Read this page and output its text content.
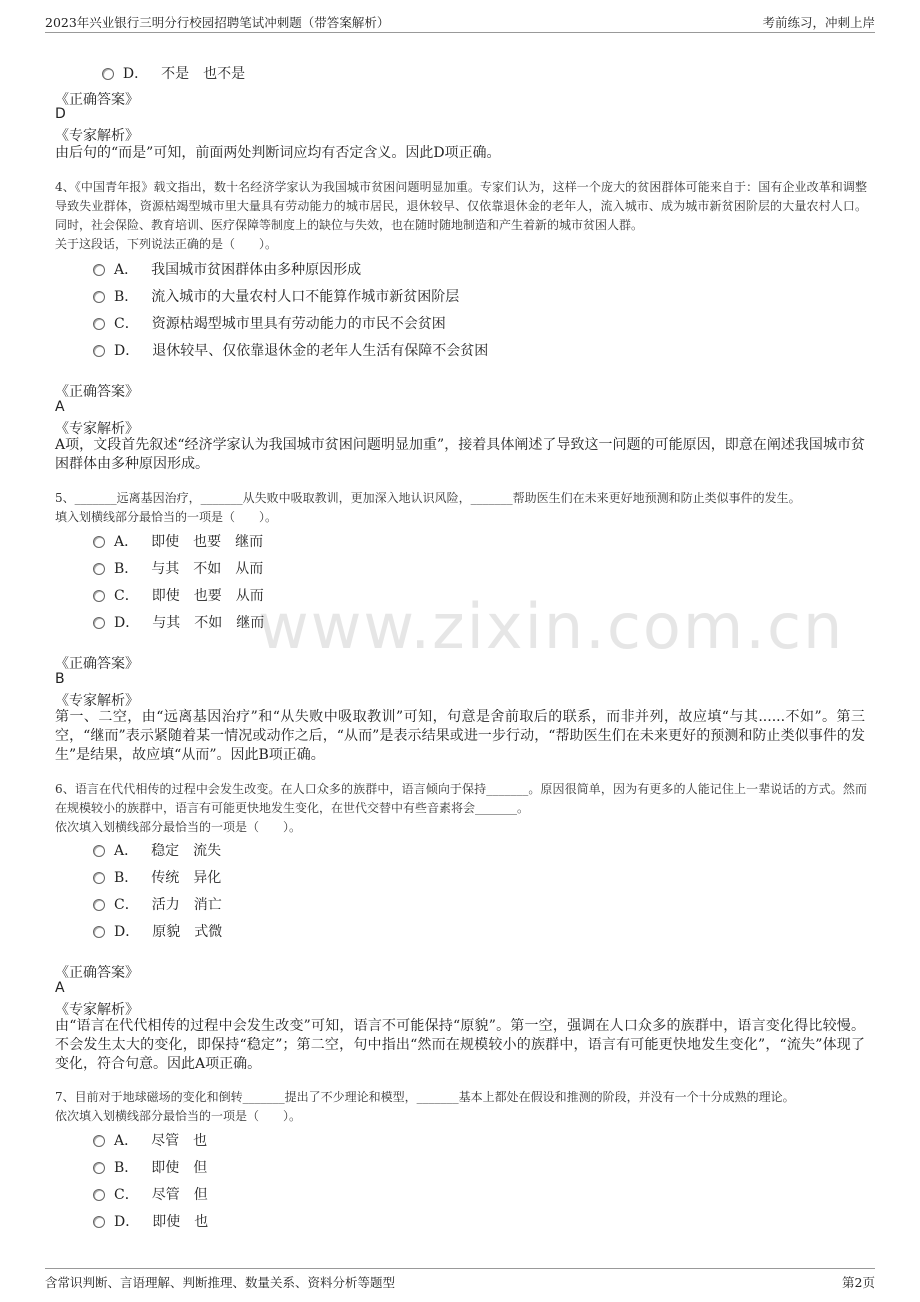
2023年兴业银行三明分行校园招聘笔试冲刺题（带答案解析）	考前练习，冲刺上岸
www.zixin.com.cn

D． 不是　也不是

《正确答案》
D
《专家解析》
由后句的“而是”可知，前面两处判断词应均有否定含义。因此D项正确。
4、《中国青年报》载文指出，数十名经济学家认为我国城市贫困问题明显加重。专家们认为，这样一个庞大的贫困群体可能来自于：国有企业改革和调整导致失业群体，资源枯竭型城市里大量具有劳动能力的城市居民，退休较早、仅依靠退休金的老年人，流入城市、成为城市新贫困阶层的大量农村人口。同时，社会保险、教育培训、医疗保障等制度上的缺位与失效，也在随时随地制造和产生着新的城市贫困人群。
关于这段话，下列说法正确的是（　　）。
A． 我国城市贫困群体由多种原因形成
B． 流入城市的大量农村人口不能算作城市新贫困阶层
C． 资源枯竭型城市里具有劳动能力的市民不会贫困
D． 退休较早、仅依靠退休金的老年人生活有保障不会贫困
《正确答案》
A
《专家解析》
A项，文段首先叙述“经济学家认为我国城市贫困问题明显加重”，接着具体阐述了导致这一问题的可能原因，即意在阐述我国城市贫困群体由多种原因形成。
5、_______远离基因治疗，_______从失败中吸取教训，更加深入地认识风险，_______帮助医生们在未来更好地预测和防止类似事件的发生。
填入划横线部分最恰当的一项是（　　）。
A． 即使　也要　继而
B． 与其　不如　从而
C． 即使　也要　从而
D． 与其　不如　继而
《正确答案》
B
《专家解析》
第一、二空，由“远离基因治疗”和“从失败中吸取教训”可知，句意是舍前取后的联系，而非并列，故应填“与其......不如”。第三空，“继而”表示紧随着某一情况或动作之后，“从而”是表示结果或进一步行动，“帮助医生们在未来更好的预测和防止类似事件的发生”是结果，故应填“从而”。因此B项正确。
6、语言在代代相传的过程中会发生改变。在人口众多的族群中，语言倾向于保持_______。原因很简单，因为有更多的人能记住上一辈说话的方式。然而在规模较小的族群中，语言有可能更快地发生变化，在世代交替中有些音素将会_______。
依次填入划横线部分最恰当的一项是（　　）。
A． 稳定　流失
B． 传统　异化
C． 活力　消亡
D． 原貌　式微
《正确答案》
A
《专家解析》
由“语言在代代相传的过程中会发生改变”可知，语言不可能保持“原貌”。第一空，强调在人口众多的族群中，语言变化得比较慢。不会发生太大的变化，即保持“稳定”；第二空，句中指出“然而在规模较小的族群中，语言有可能更快地发生变化”，“流失”体现了变化，符合句意。因此A项正确。
7、目前对于地球磁场的变化和倒转_______提出了不少理论和模型，_______基本上都处在假设和推测的阶段，并没有一个十分成熟的理论。
依次填入划横线部分最恰当的一项是（　　）。
A． 尽管　也
B． 即使　但
C． 尽管　但
D． 即使　也
含常识判断、言语理解、判断推理、数量关系、资料分析等题型	第2页
